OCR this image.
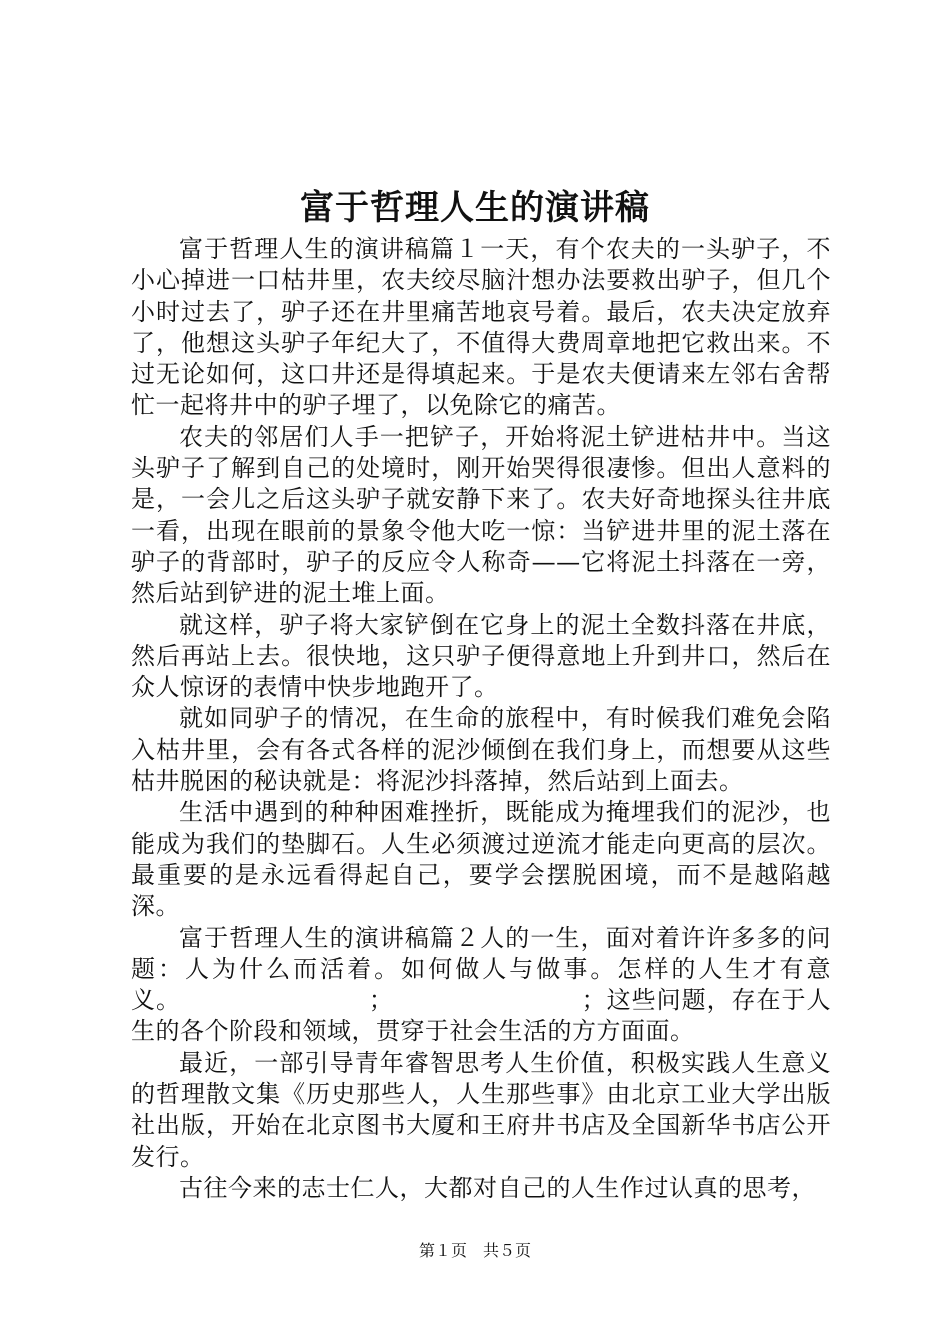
富于哲理人生的演讲稿

富于哲理人生的演讲稿篇１一天，有个农夫的一头驴子，不小心掉进一口枯井里，农夫绞尽脑汁想办法要救出驴子，但几个小时过去了，驴子还在井里痛苦地哀号着。最后，农夫决定放弃了，他想这头驴子年纪大了，不值得大费周章地把它救出来。不过无论如何，这口井还是得填起来。于是农夫便请来左邻右舍帮忙一起将井中的驴子埋了，以免除它的痛苦。

农夫的邻居们人手一把铲子，开始将泥土铲进枯井中。当这头驴子了解到自己的处境时，刚开始哭得很凄惨。但出人意料的是，一会儿之后这头驴子就安静下来了。农夫好奇地探头往井底一看，出现在眼前的景象令他大吃一惊：当铲进井里的泥土落在驴子的背部时，驴子的反应令人称奇——它将泥土抖落在一旁，然后站到铲进的泥土堆上面。

就这样，驴子将大家铲倒在它身上的泥土全数抖落在井底，然后再站上去。很快地，这只驴子便得意地上升到井口，然后在众人惊讶的表情中快步地跑开了。

就如同驴子的情况，在生命的旅程中，有时候我们难免会陷入枯井里，会有各式各样的泥沙倾倒在我们身上，而想要从这些枯井脱困的秘诀就是：将泥沙抖落掉，然后站到上面去。

生活中遇到的种种困难挫折，既能成为掩埋我们的泥沙，也能成为我们的垫脚石。人生必须渡过逆流才能走向更高的层次。最重要的是永远看得起自己，要学会摆脱困境，而不是越陷越深。

富于哲理人生的演讲稿篇２人的一生，面对着许许多多的问题：人为什么而活着。如何做人与做事。怎样的人生才有意义。　　　　　　　　；　　　　　　　　；这些问题，存在于人生的各个阶段和领域，贯穿于社会生活的方方面面。

最近，一部引导青年睿智思考人生价值，积极实践人生意义的哲理散文集《历史那些人，人生那些事》由北京工业大学出版社出版，开始在北京图书大厦和王府井书店及全国新华书店公开发行。

古往今来的志士仁人，大都对自己的人生作过认真的思考，

第１页　共５页
